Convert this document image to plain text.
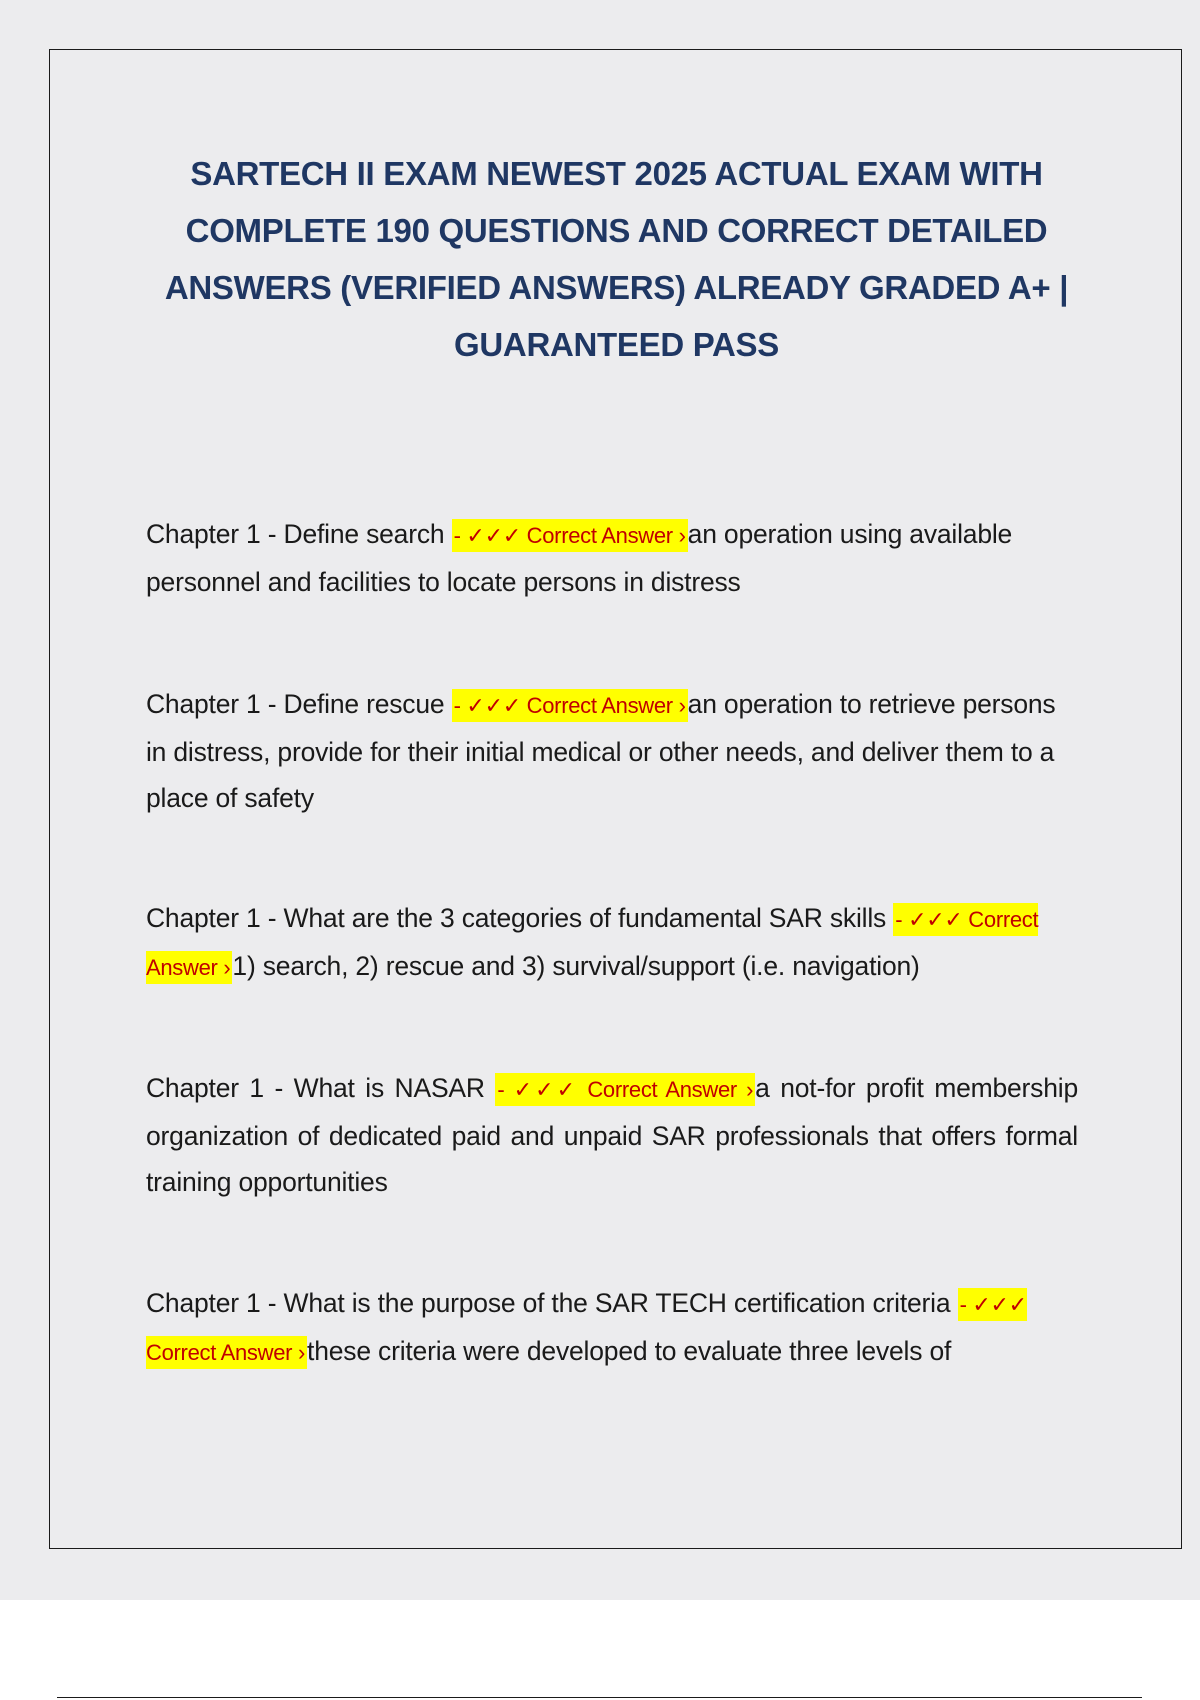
SARTECH II EXAM NEWEST 2025 ACTUAL EXAM WITH COMPLETE 190 QUESTIONS AND CORRECT DETAILED ANSWERS (VERIFIED ANSWERS) ALREADY GRADED A+ | GUARANTEED PASS

Chapter 1 - Define search - ✓✓✓ Correct Answer ›an operation using available personnel and facilities to locate persons in distress

Chapter 1 - Define rescue - ✓✓✓ Correct Answer ›an operation to retrieve persons in distress, provide for their initial medical or other needs, and deliver them to a place of safety

Chapter 1 - What are the 3 categories of fundamental SAR skills - ✓✓✓ Correct Answer ›1) search, 2) rescue and 3) survival/support (i.e. navigation)

Chapter 1 - What is NASAR - ✓✓✓ Correct Answer ›a not-for profit membership organization of dedicated paid and unpaid SAR professionals that offers formal training opportunities

Chapter 1 - What is the purpose of the SAR TECH certification criteria - ✓✓✓ Correct Answer ›these criteria were developed to evaluate three levels of
